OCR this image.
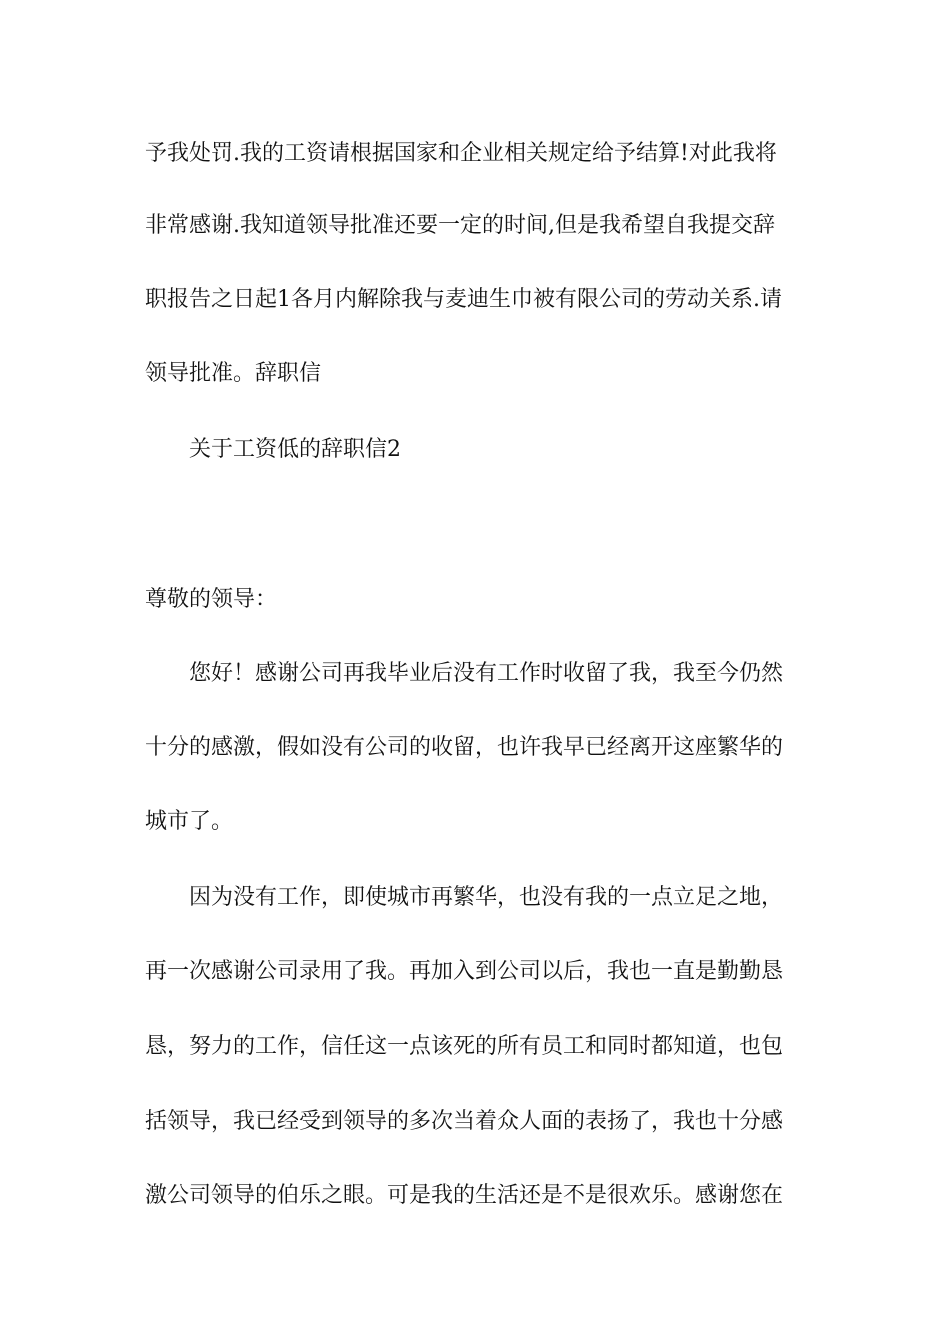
予我处罚.我的工资请根据国家和企业相关规定给予结算!对此我将

非常感谢.我知道领导批准还要一定的时间,但是我希望自我提交辞

职报告之日起1各月内解除我与麦迪生巾被有限公司的劳动关系.请

领导批准。辞职信

关于工资低的辞职信2

尊敬的领导：

您好！感谢公司再我毕业后没有工作时收留了我，我至今仍然

十分的感激，假如没有公司的收留，也许我早已经离开这座繁华的

城市了。

因为没有工作，即使城市再繁华，也没有我的一点立足之地，

再一次感谢公司录用了我。再加入到公司以后，我也一直是勤勤恳

恳，努力的工作，信任这一点该死的所有员工和同时都知道，也包

括领导，我已经受到领导的多次当着众人面的表扬了，我也十分感

激公司领导的伯乐之眼。可是我的生活还是不是很欢乐。感谢您在
